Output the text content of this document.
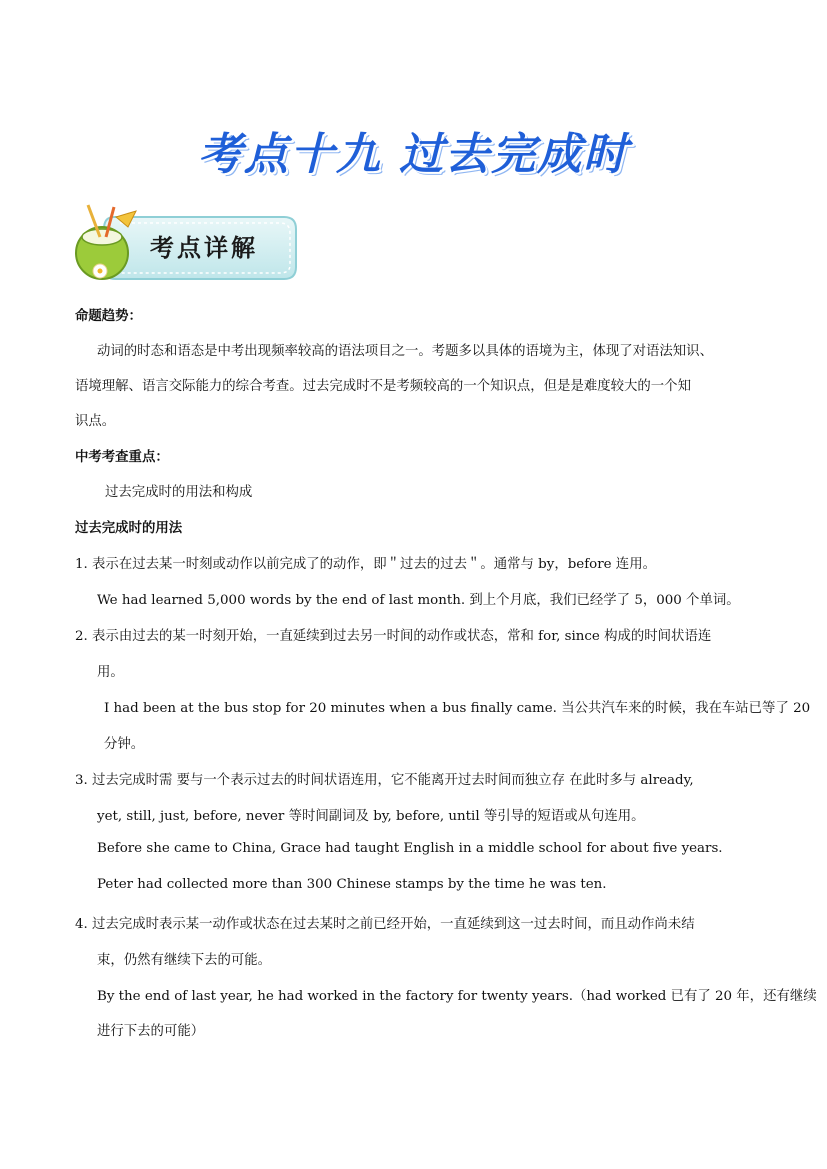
考点十九 过去完成时
考点详解
命题趋势：
动词的时态和语态是中考出现频率较高的语法项目之一。考题多以具体的语境为主，体现了对语法知识、
语境理解、语言交际能力的综合考查。过去完成时不是考频较高的一个知识点，但是是难度较大的一个知
识点。
中考考查重点：
过去完成时的用法和构成
过去完成时的用法
1. 表示在过去某一时刻或动作以前完成了的动作，即＂过去的过去＂。通常与 by，before 连用。
We had learned 5,000 words by the end of last month. 到上个月底，我们已经学了 5，000 个单词。
2. 表示由过去的某一时刻开始，一直延续到过去另一时间的动作或状态，常和 for, since 构成的时间状语连
用。
I had been at the bus stop for 20 minutes when a bus finally came. 当公共汽车来的时候，我在车站已等了 20
分钟。
3. 过去完成时需 要与一个表示过去的时间状语连用，它不能离开过去时间而独立存 在此时多与 already,
yet, still, just, before, never 等时间副词及 by, before, until 等引导的短语或从句连用。
Before she came to China, Grace had taught English in a middle school for about five years.
Peter had collected more than 300 Chinese stamps by the time he was ten.
4. 过去完成时表示某一动作或状态在过去某时之前已经开始，一直延续到这一过去时间，而且动作尚未结
束，仍然有继续下去的可能。
By the end of last year, he had worked in the factory for twenty years.（had worked 已有了 20 年，还有继续
进行下去的可能）
